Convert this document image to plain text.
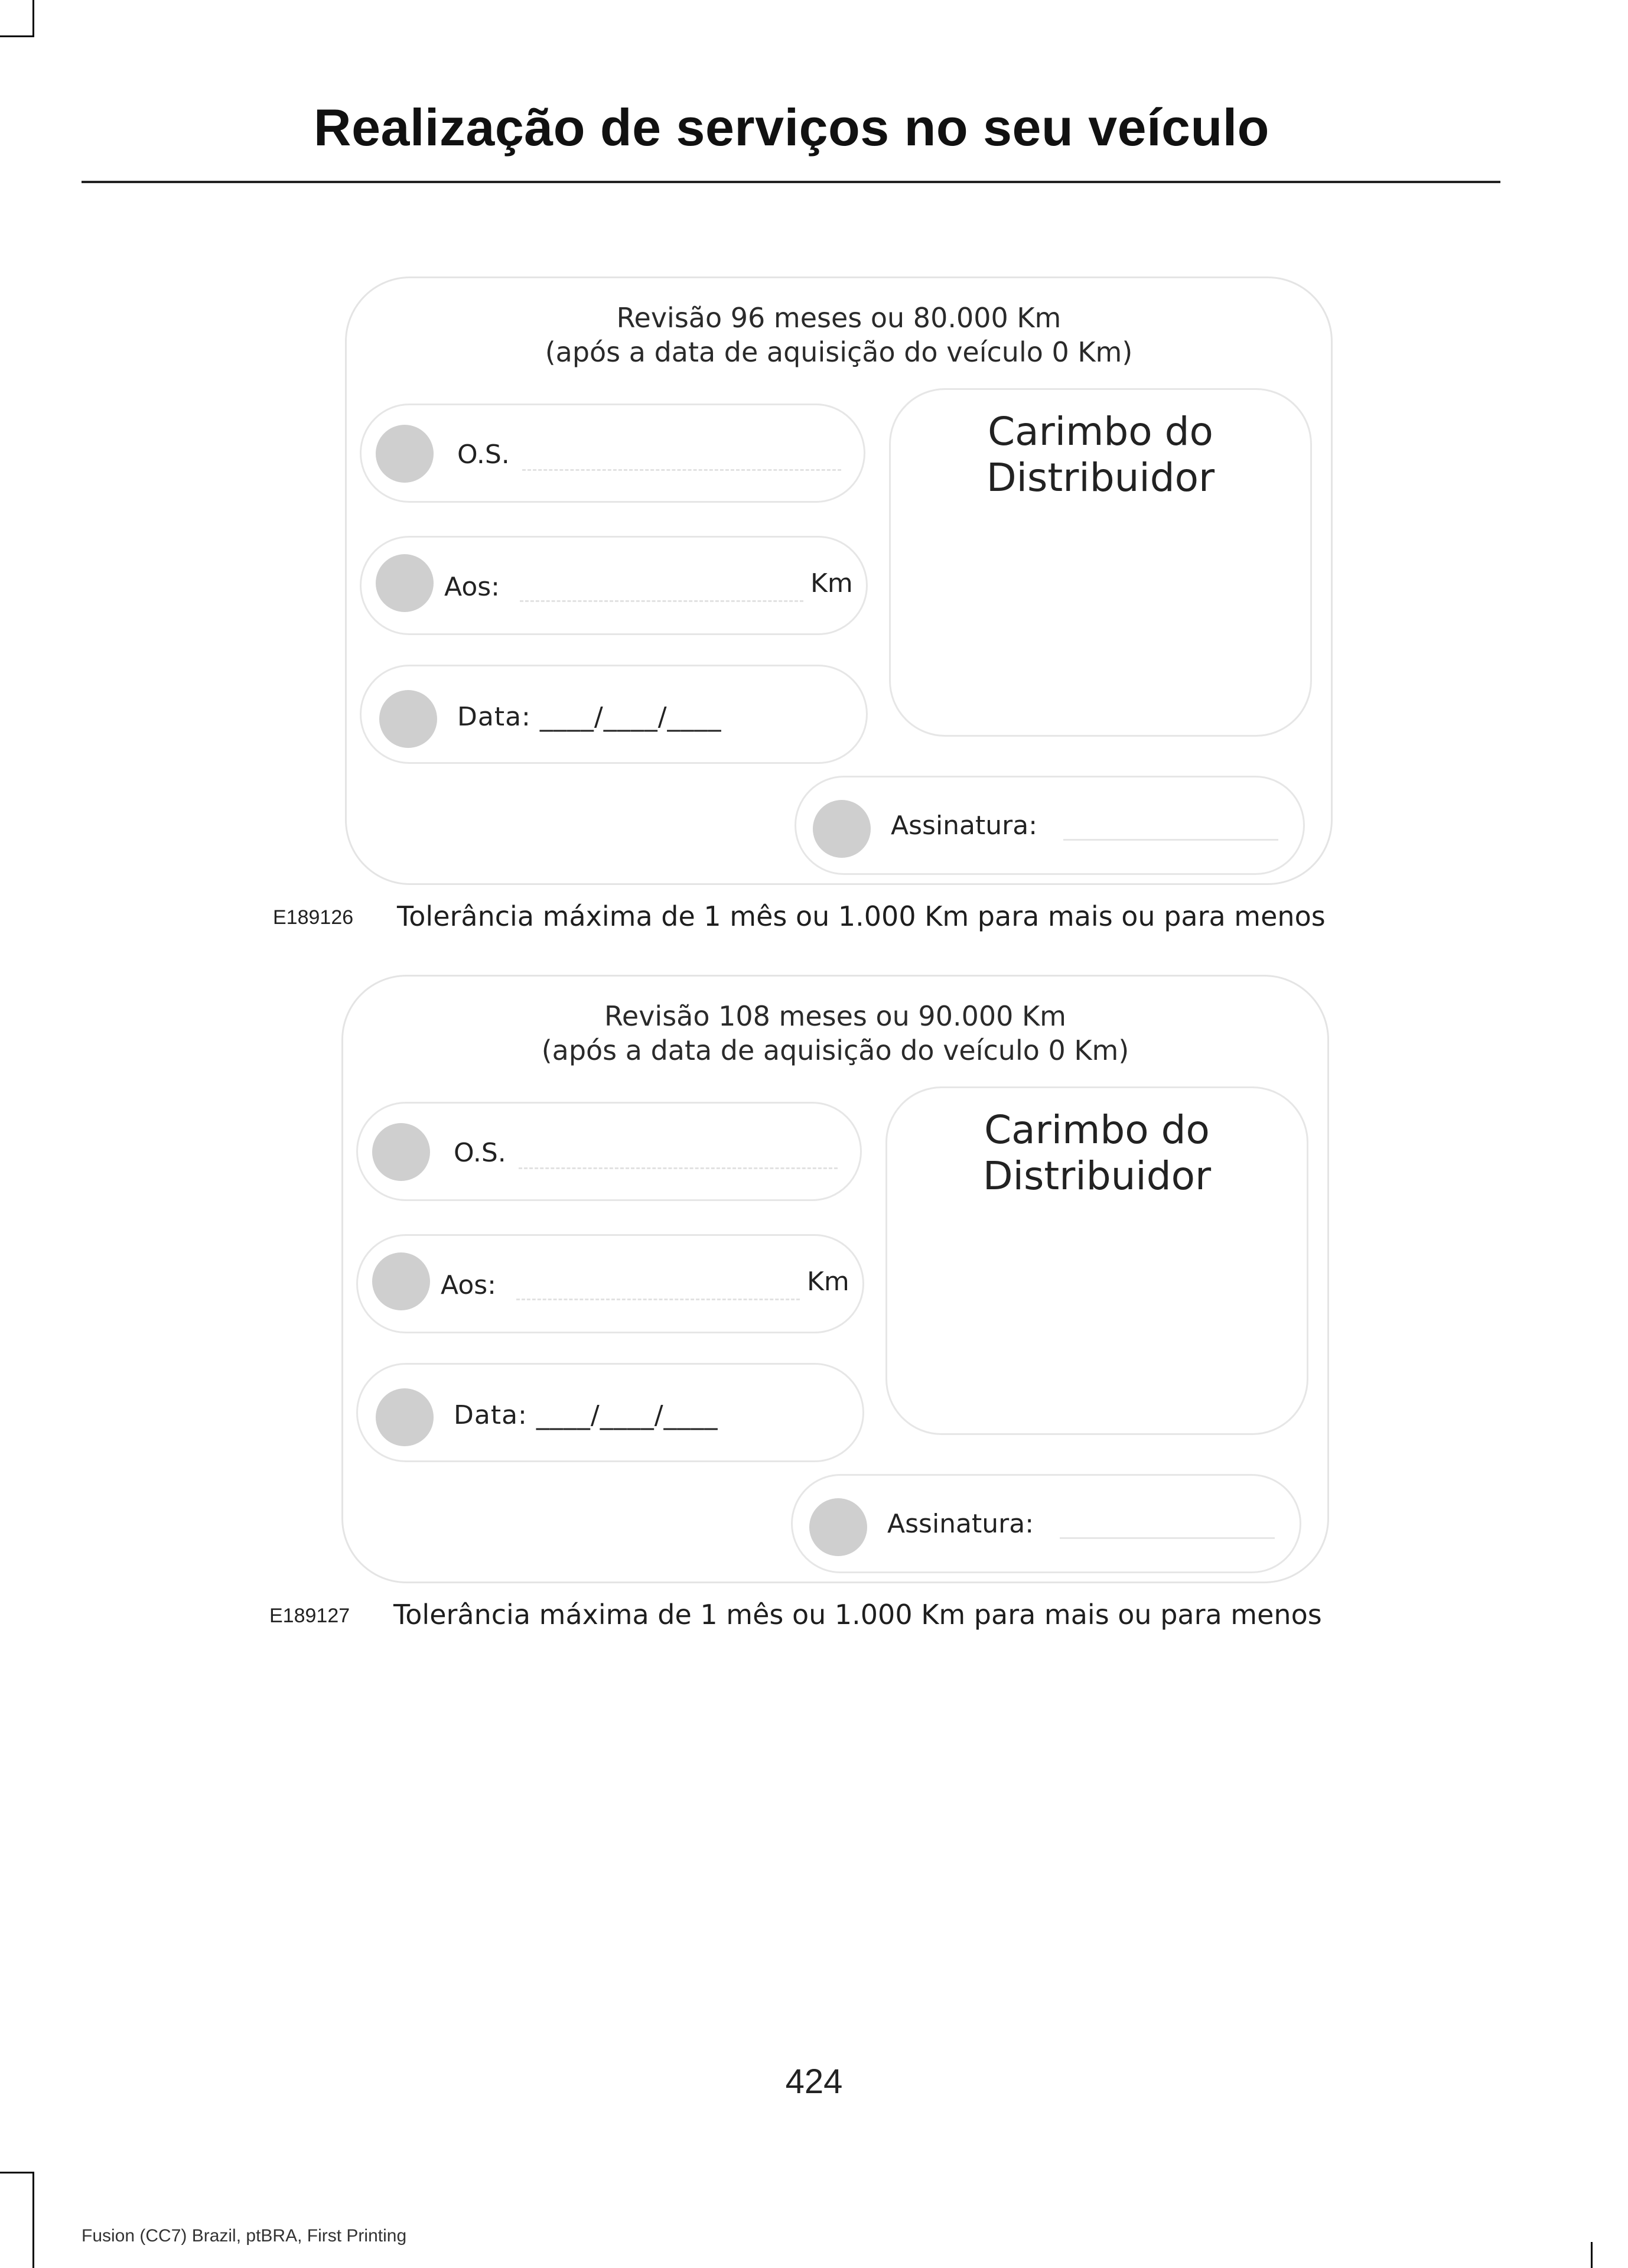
Realização de serviços no seu veículo
Revisão 96 meses ou 80.000 Km
(após a data de aquisição do veículo 0 Km)
O.S.
Aos:	Km
Data: ____/____/____
Carimbo do
Distribuidor
Assinatura:
E189126 Tolerância máxima de 1 mês ou 1.000 Km para mais ou para menos
Revisão 108 meses ou 90.000 Km
(após a data de aquisição do veículo 0 Km)
O.S.
Aos:	Km
Data: ____/____/____
Carimbo do
Distribuidor
Assinatura:
E189127 Tolerância máxima de 1 mês ou 1.000 Km para mais ou para menos
424
Fusion (CC7) Brazil, ptBRA, First Printing
